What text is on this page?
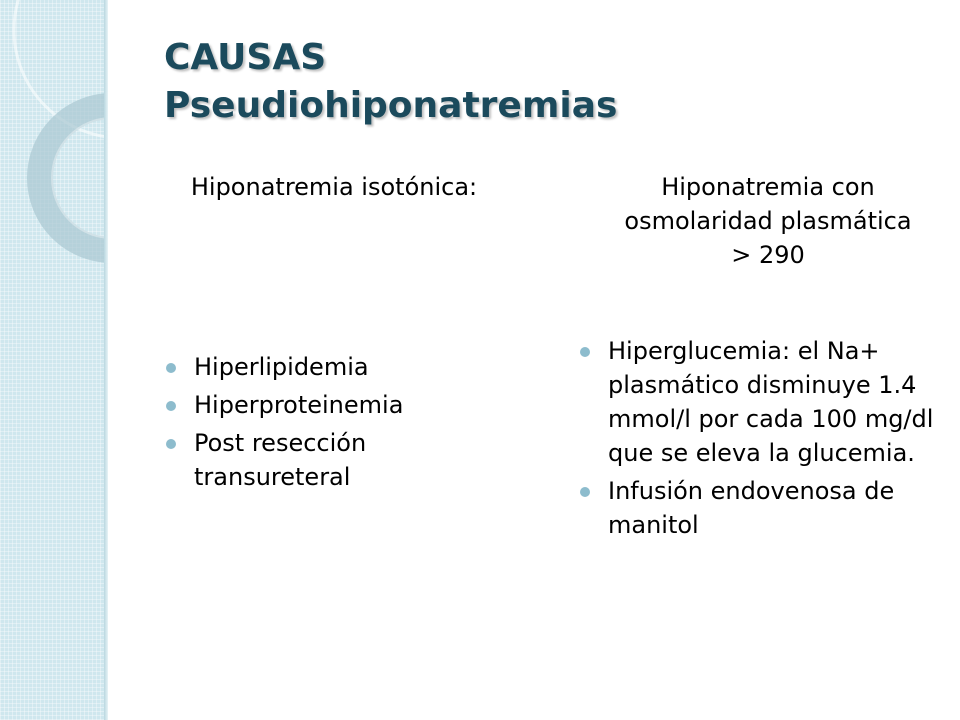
CAUSAS
Pseudiohiponatremias
Hiponatremia isotónica:	Hiponatremia con
osmolaridad plasmática
> 290
Hiperlipidemia
Hiperproteinemia
Post resección transureteral
Hiperglucemia: el Na+ plasmático disminuye 1.4 mmol/l por cada 100 mg/dl que se eleva la glucemia.
Infusión endovenosa de manitol
